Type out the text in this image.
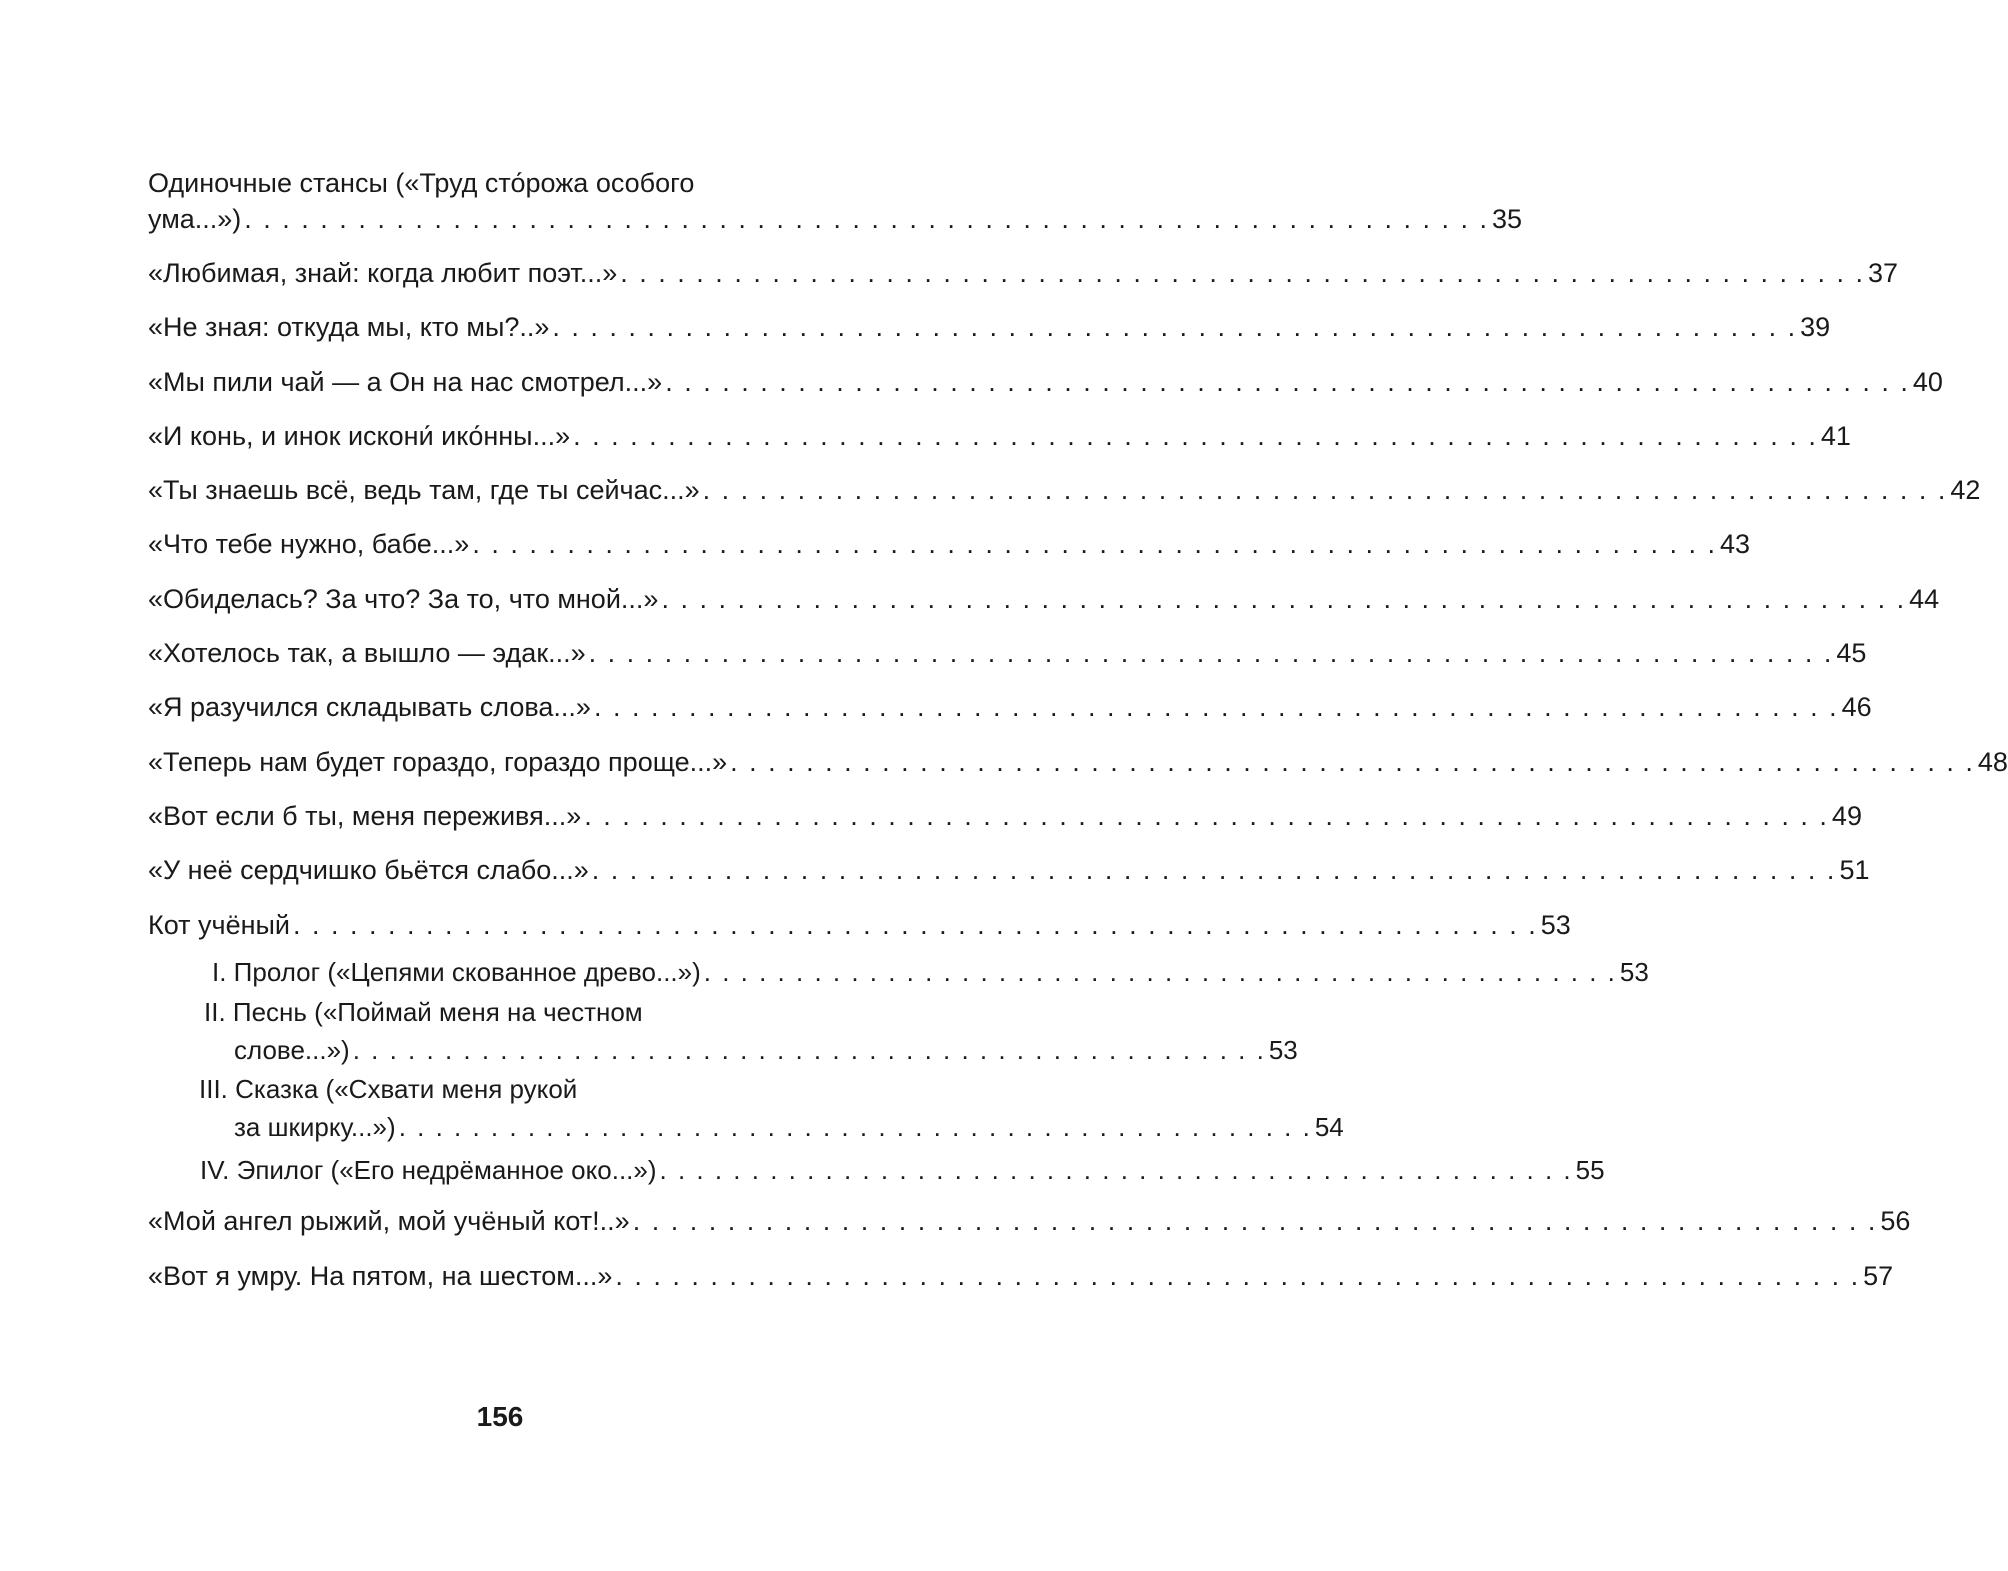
Одиночные стансы («Труд сто́рожа особого
ума...») . . . . . . . . . . . . . . . . . . . . . . . . . . . . . . . . . . . . . . . . . . . . . . . . . . . . . . . . . . . . . . . . . . 35
«Любимая, знай: когда любит поэт...» . . . . . . . . . . . . . . . . . . . . . . . . . . . . . . . . . . . . . . . . . . . . . . . . . . . . . . . . . . . . . . . . . . 37
«Не зная: откуда мы, кто мы?..» . . . . . . . . . . . . . . . . . . . . . . . . . . . . . . . . . . . . . . . . . . . . . . . . . . . . . . . . . . . . . . . . . . 39
«Мы пили чай — а Он на нас смотрел...» . . . . . . . . . . . . . . . . . . . . . . . . . . . . . . . . . . . . . . . . . . . . . . . . . . . . . . . . . . . . . . . . . . 40
«И конь, и инок искони́ ико́нны...» . . . . . . . . . . . . . . . . . . . . . . . . . . . . . . . . . . . . . . . . . . . . . . . . . . . . . . . . . . . . . . . . . . 41
«Ты знаешь всё, ведь там, где ты сейчас...» . . . . . . . . . . . . . . . . . . . . . . . . . . . . . . . . . . . . . . . . . . . . . . . . . . . . . . . . . . . . . . . . . . 42
«Что тебе нужно, бабе...» . . . . . . . . . . . . . . . . . . . . . . . . . . . . . . . . . . . . . . . . . . . . . . . . . . . . . . . . . . . . . . . . . . 43
«Обиделась? За что? За то, что мной...» . . . . . . . . . . . . . . . . . . . . . . . . . . . . . . . . . . . . . . . . . . . . . . . . . . . . . . . . . . . . . . . . . . 44
«Хотелось так, а вышло — эдак...» . . . . . . . . . . . . . . . . . . . . . . . . . . . . . . . . . . . . . . . . . . . . . . . . . . . . . . . . . . . . . . . . . . 45
«Я разучился складывать слова...» . . . . . . . . . . . . . . . . . . . . . . . . . . . . . . . . . . . . . . . . . . . . . . . . . . . . . . . . . . . . . . . . . . 46
«Теперь нам будет гораздо, гораздо проще...» . . . . . . . . . . . . . . . . . . . . . . . . . . . . . . . . . . . . . . . . . . . . . . . . . . . . . . . . . . . . . . . . . . 48
«Вот если б ты, меня переживя...» . . . . . . . . . . . . . . . . . . . . . . . . . . . . . . . . . . . . . . . . . . . . . . . . . . . . . . . . . . . . . . . . . . 49
«У неё сердчишко бьётся слабо...» . . . . . . . . . . . . . . . . . . . . . . . . . . . . . . . . . . . . . . . . . . . . . . . . . . . . . . . . . . . . . . . . . . 51
Кот учёный . . . . . . . . . . . . . . . . . . . . . . . . . . . . . . . . . . . . . . . . . . . . . . . . . . . . . . . . . . . . . . . . . . 53
I. Пролог («Цепями скованное древо...») . . . . . . . . . . . . . . . . . . . . . . . . . . . . . . . . . . . . . . . . . . . . . . . . . . 53
II. Песнь («Поймай меня на честном
слове...») . . . . . . . . . . . . . . . . . . . . . . . . . . . . . . . . . . . . . . . . . . . . . . . . . . 53
III. Сказка («Схвати меня рукой
за шкирку...») . . . . . . . . . . . . . . . . . . . . . . . . . . . . . . . . . . . . . . . . . . . . . . . . . . 54
IV. Эпилог («Его недрёманное око...») . . . . . . . . . . . . . . . . . . . . . . . . . . . . . . . . . . . . . . . . . . . . . . . . . . 55
«Мой ангел рыжий, мой учёный кот!..» . . . . . . . . . . . . . . . . . . . . . . . . . . . . . . . . . . . . . . . . . . . . . . . . . . . . . . . . . . . . . . . . . . 56
«Вот я умру. На пятом, на шестом...» . . . . . . . . . . . . . . . . . . . . . . . . . . . . . . . . . . . . . . . . . . . . . . . . . . . . . . . . . . . . . . . . . . 57
156
